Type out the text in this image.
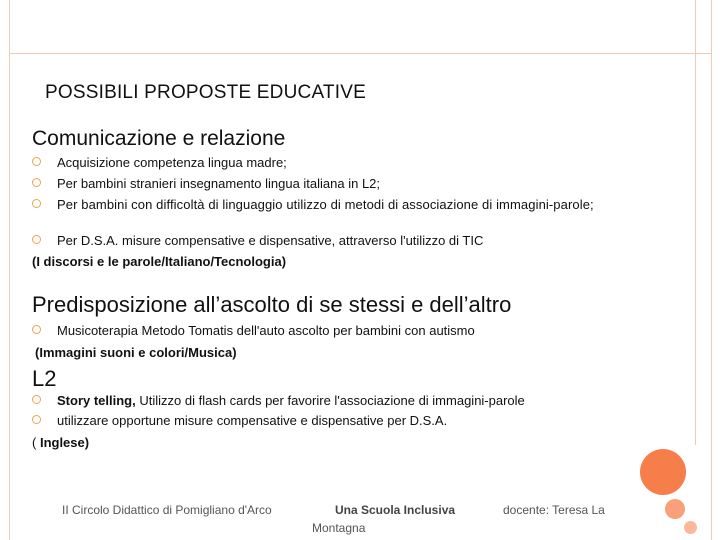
POSSIBILI PROPOSTE EDUCATIVE
Comunicazione e relazione
Acquisizione competenza lingua madre;
Per bambini stranieri insegnamento lingua italiana in L2;
Per bambini con difficoltà di linguaggio utilizzo di metodi di associazione di immagini-parole;
Per D.S.A. misure compensative e dispensative, attraverso l'utilizzo di TIC
(I discorsi e le parole/Italiano/Tecnologia)
Predisposizione all’ascolto di se stessi e dell’altro
Musicoterapia Metodo Tomatis dell'auto ascolto per bambini con autismo
(Immagini suoni e colori/Musica)
L2
Story telling, Utilizzo di flash cards per favorire l'associazione di immagini-parole
utilizzare opportune misure compensative e dispensative per D.S.A.
( Inglese)
II Circolo Didattico di Pomigliano d'Arco	Una Scuola Inclusiva	docente: Teresa La
Montagna
